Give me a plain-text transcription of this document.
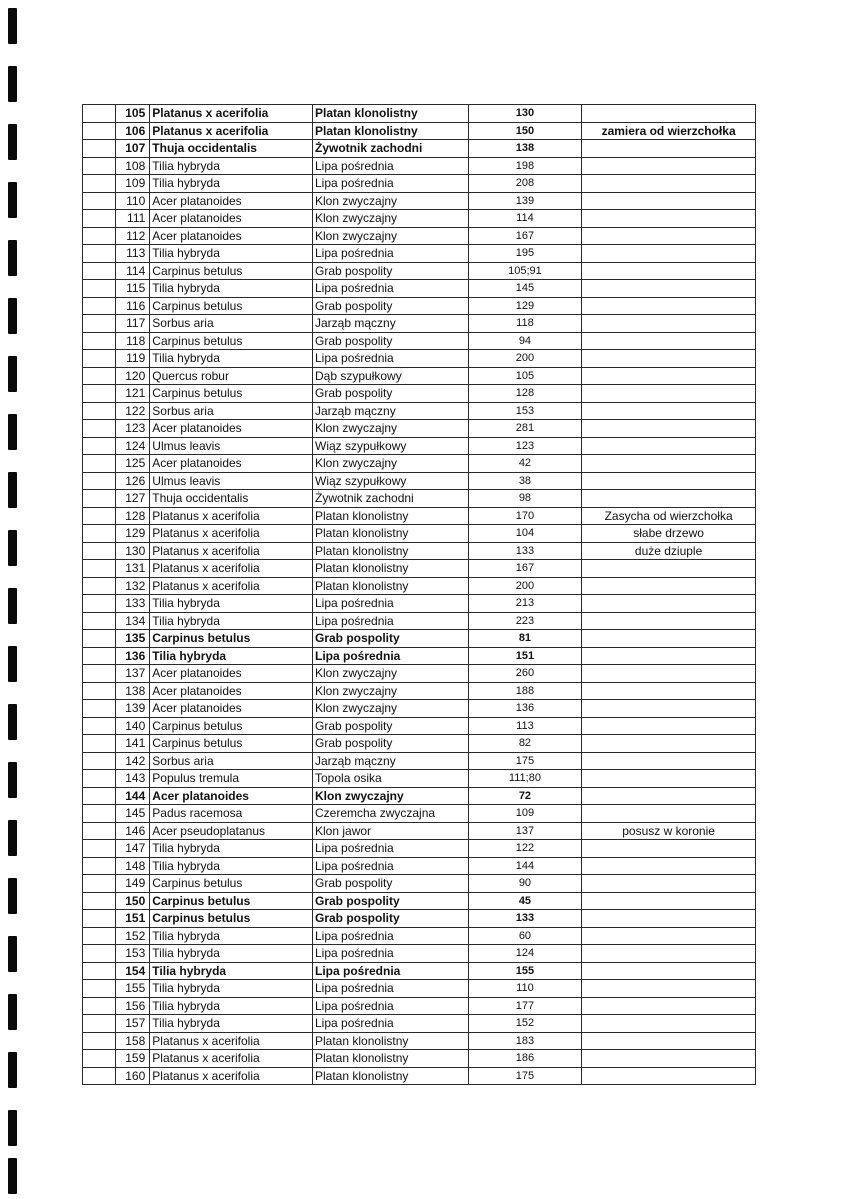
	105	Platanus x acerifolia	Platan klonolistny	130	
	106	Platanus x acerifolia	Platan klonolistny	150	zamiera od wierzchołka
	107	Thuja occidentalis	Żywotnik zachodni	138	
	108	Tilia hybryda	Lipa pośrednia	198	
	109	Tilia hybryda	Lipa pośrednia	208	
	110	Acer platanoides	Klon zwyczajny	139	
	111	Acer platanoides	Klon zwyczajny	114	
	112	Acer platanoides	Klon zwyczajny	167	
	113	Tilia hybryda	Lipa pośrednia	195	
	114	Carpinus betulus	Grab pospolity	105;91	
	115	Tilia hybryda	Lipa pośrednia	145	
	116	Carpinus betulus	Grab pospolity	129	
	117	Sorbus aria	Jarząb mączny	118	
	118	Carpinus betulus	Grab pospolity	94	
	119	Tilia hybryda	Lipa pośrednia	200	
	120	Quercus robur	Dąb szypułkowy	105	
	121	Carpinus betulus	Grab pospolity	128	
	122	Sorbus aria	Jarząb mączny	153	
	123	Acer platanoides	Klon zwyczajny	281	
	124	Ulmus leavis	Wiąz szypułkowy	123	
	125	Acer platanoides	Klon zwyczajny	42	
	126	Ulmus leavis	Wiąz szypułkowy	38	
	127	Thuja occidentalis	Żywotnik zachodni	98	
	128	Platanus x acerifolia	Platan klonolistny	170	Zasycha od wierzchołka
	129	Platanus x acerifolia	Platan klonolistny	104	słabe drzewo
	130	Platanus x acerifolia	Platan klonolistny	133	duże dziuple
	131	Platanus x acerifolia	Platan klonolistny	167	
	132	Platanus x acerifolia	Platan klonolistny	200	
	133	Tilia hybryda	Lipa pośrednia	213	
	134	Tilia hybryda	Lipa pośrednia	223	
	135	Carpinus betulus	Grab pospolity	81	
	136	Tilia hybryda	Lipa pośrednia	151	
	137	Acer platanoides	Klon zwyczajny	260	
	138	Acer platanoides	Klon zwyczajny	188	
	139	Acer platanoides	Klon zwyczajny	136	
	140	Carpinus betulus	Grab pospolity	113	
	141	Carpinus betulus	Grab pospolity	82	
	142	Sorbus aria	Jarząb mączny	175	
	143	Populus tremula	Topola osika	111;80	
	144	Acer platanoides	Klon zwyczajny	72	
	145	Padus racemosa	Czeremcha zwyczajna	109	
	146	Acer pseudoplatanus	Klon jawor	137	posusz w koronie
	147	Tilia hybryda	Lipa pośrednia	122	
	148	Tilia hybryda	Lipa pośrednia	144	
	149	Carpinus betulus	Grab pospolity	90	
	150	Carpinus betulus	Grab pospolity	45	
	151	Carpinus betulus	Grab pospolity	133	
	152	Tilia hybryda	Lipa pośrednia	60	
	153	Tilia hybryda	Lipa pośrednia	124	
	154	Tilia hybryda	Lipa pośrednia	155	
	155	Tilia hybryda	Lipa pośrednia	110	
	156	Tilia hybryda	Lipa pośrednia	177	
	157	Tilia hybryda	Lipa pośrednia	152	
	158	Platanus x acerifolia	Platan klonolistny	183	
	159	Platanus x acerifolia	Platan klonolistny	186	
	160	Platanus x acerifolia	Platan klonolistny	175	
